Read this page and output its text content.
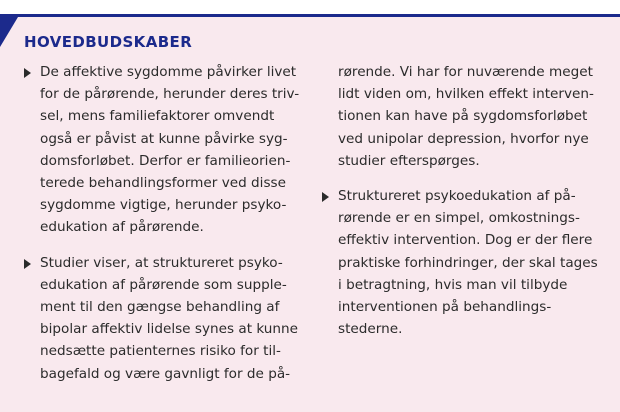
HOVEDBUDSKABER
De affektive sygdomme påvirker livet
for de pårørende, herunder deres triv-
sel, mens familiefaktorer omvendt
også er påvist at kunne påvirke syg-
domsforløbet. Derfor er familieorien-
terede behandlingsformer ved disse
sygdomme vigtige, herunder psyko-
edukation af pårørende.
Studier viser, at struktureret psyko-
edukation af pårørende som supple-
ment til den gængse behandling af
bipolar affektiv lidelse synes at kunne
nedsætte patienternes risiko for til-
bagefald og være gavnligt for de på-
rørende. Vi har for nuværende meget
lidt viden om, hvilken effekt interven-
tionen kan have på sygdomsforløbet
ved unipolar depression, hvorfor nye
studier efterspørges.
Struktureret psykoedukation af på-
rørende er en simpel, omkostnings-
effektiv intervention. Dog er der flere
praktiske forhindringer, der skal tages
i betragtning, hvis man vil tilbyde
interventionen på behandlings-
stederne.
